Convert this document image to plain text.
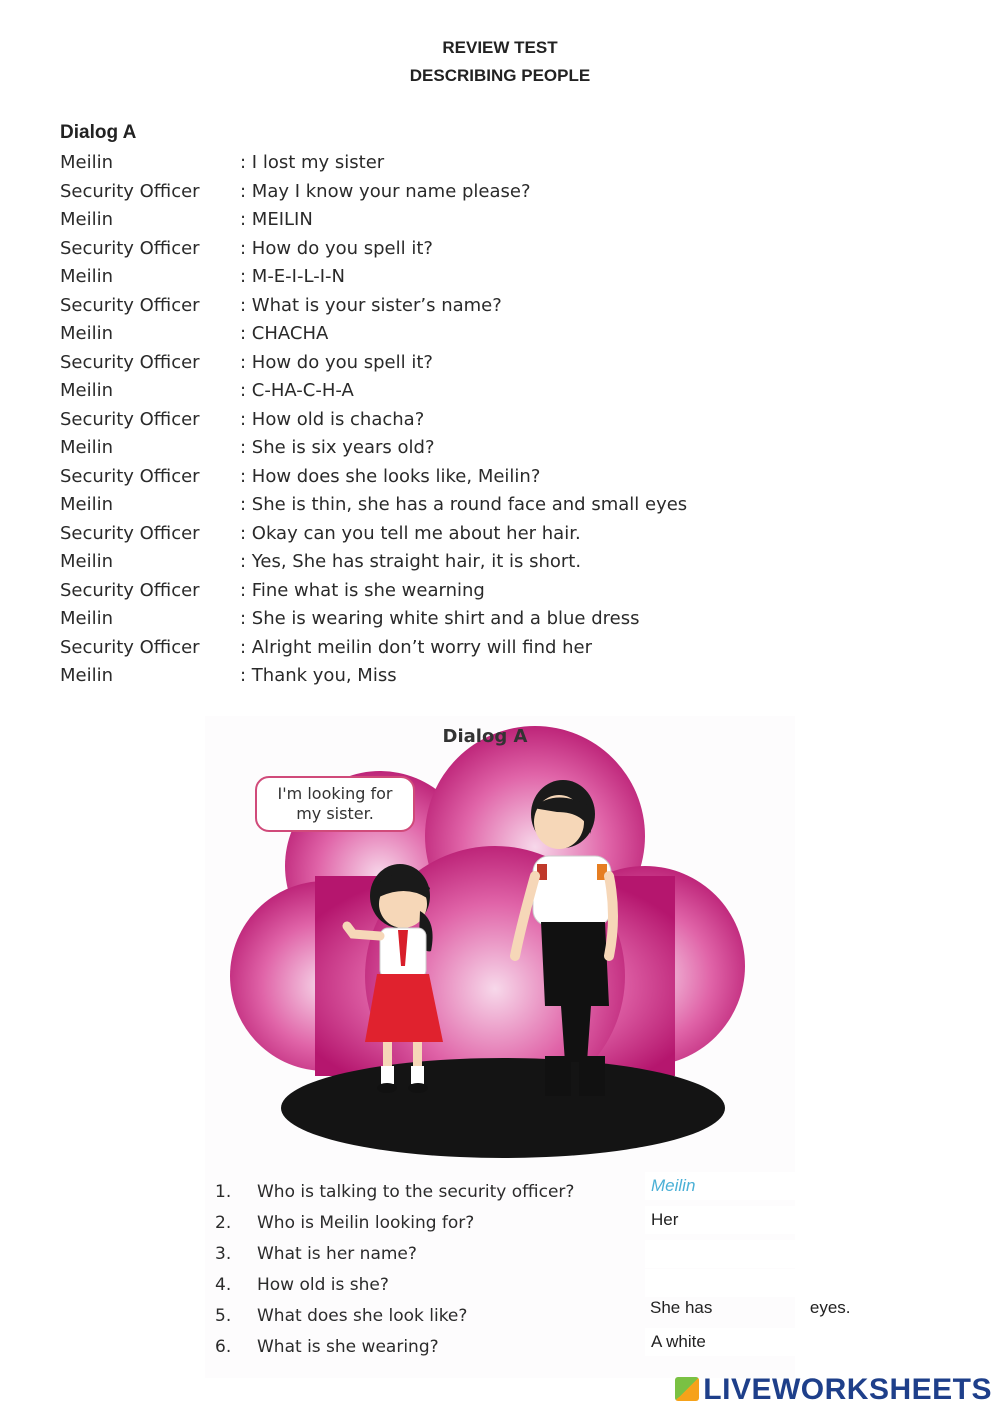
REVIEW TEST
DESCRIBING PEOPLE
Dialog A
Meilin	: I lost my sister
Security Officer : May I know your name please?
Meilin	: MEILIN
Security Officer : How do you spell it?
Meilin	: M-E-I-L-I-N
Security Officer : What is your sister’s name?
Meilin	: CHACHA
Security Officer : How do you spell it?
Meilin	: C-HA-C-H-A
Security Officer : How old is chacha?
Meilin	: She is six years old?
Security Officer : How does she looks like, Meilin?
Meilin	: She is thin, she has a round face and small eyes
Security Officer : Okay can you tell me about her hair.
Meilin	: Yes, She has straight hair, it is short.
Security Officer : Fine what is she wearning
Meilin	: She is wearing white shirt and a blue dress
Security Officer : Alright meilin don’t worry will find her
Meilin	: Thank you, Miss
Dialog A
I'm looking for
my sister.
1.	Who is talking to the security officer?	Meilin
2.	Who is Meilin looking for?	Her
3.	What is her name?
4.	How old is she?
5.	What does she look like?	She has	eyes.
6.	What is she wearing?	A white
LIVEWORKSHEETS
